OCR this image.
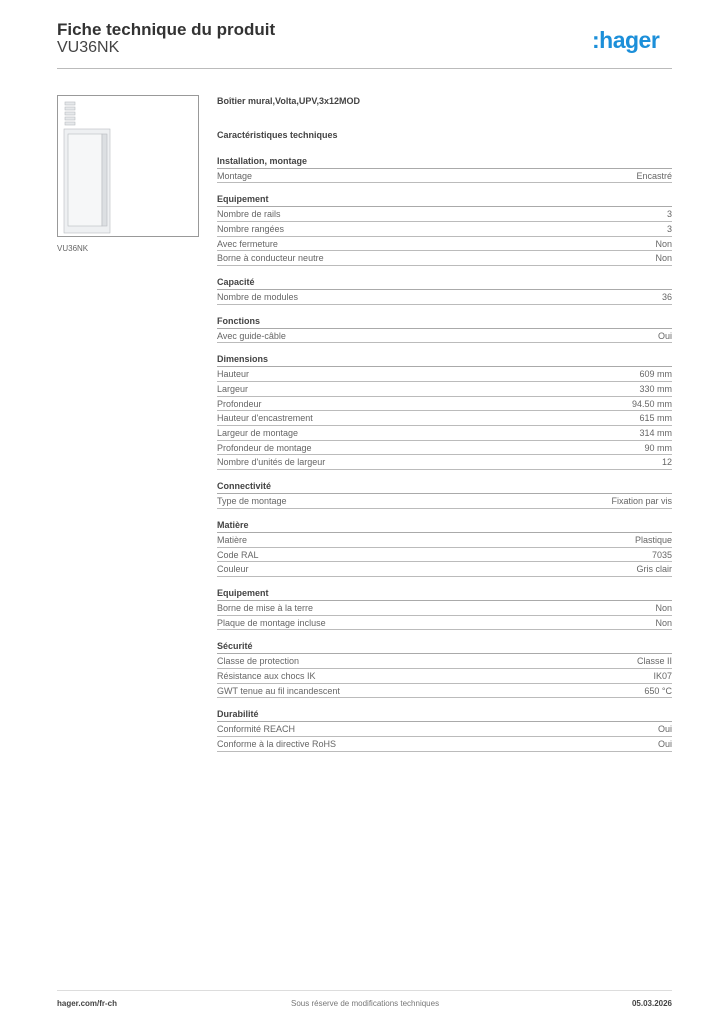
Fiche technique du produit
VU36NK	:hager
VU36NK
Boîtier mural,Volta,UPV,3x12MOD
Caractéristiques techniques
Installation, montage
Montage	Encastré
Equipement
Nombre de rails	3
Nombre rangées	3
Avec fermeture	Non
Borne à conducteur neutre	Non
Capacité
Nombre de modules	36
Fonctions
Avec guide-câble	Oui
Dimensions
Hauteur	609 mm
Largeur	330 mm
Profondeur	94.50 mm
Hauteur d'encastrement	615 mm
Largeur de montage	314 mm
Profondeur de montage	90 mm
Nombre d'unités de largeur	12
Connectivité
Type de montage	Fixation par vis
Matière
Matière	Plastique
Code RAL	7035
Couleur	Gris clair
Equipement
Borne de mise à la terre	Non
Plaque de montage incluse	Non
Sécurité
Classe de protection	Classe II
Résistance aux chocs IK	IK07
GWT tenue au fil incandescent	650 °C
Durabilité
Conformité REACH	Oui
Conforme à la directive RoHS	Oui
hager.com/fr-ch	Sous réserve de modifications techniques	05.03.2026
